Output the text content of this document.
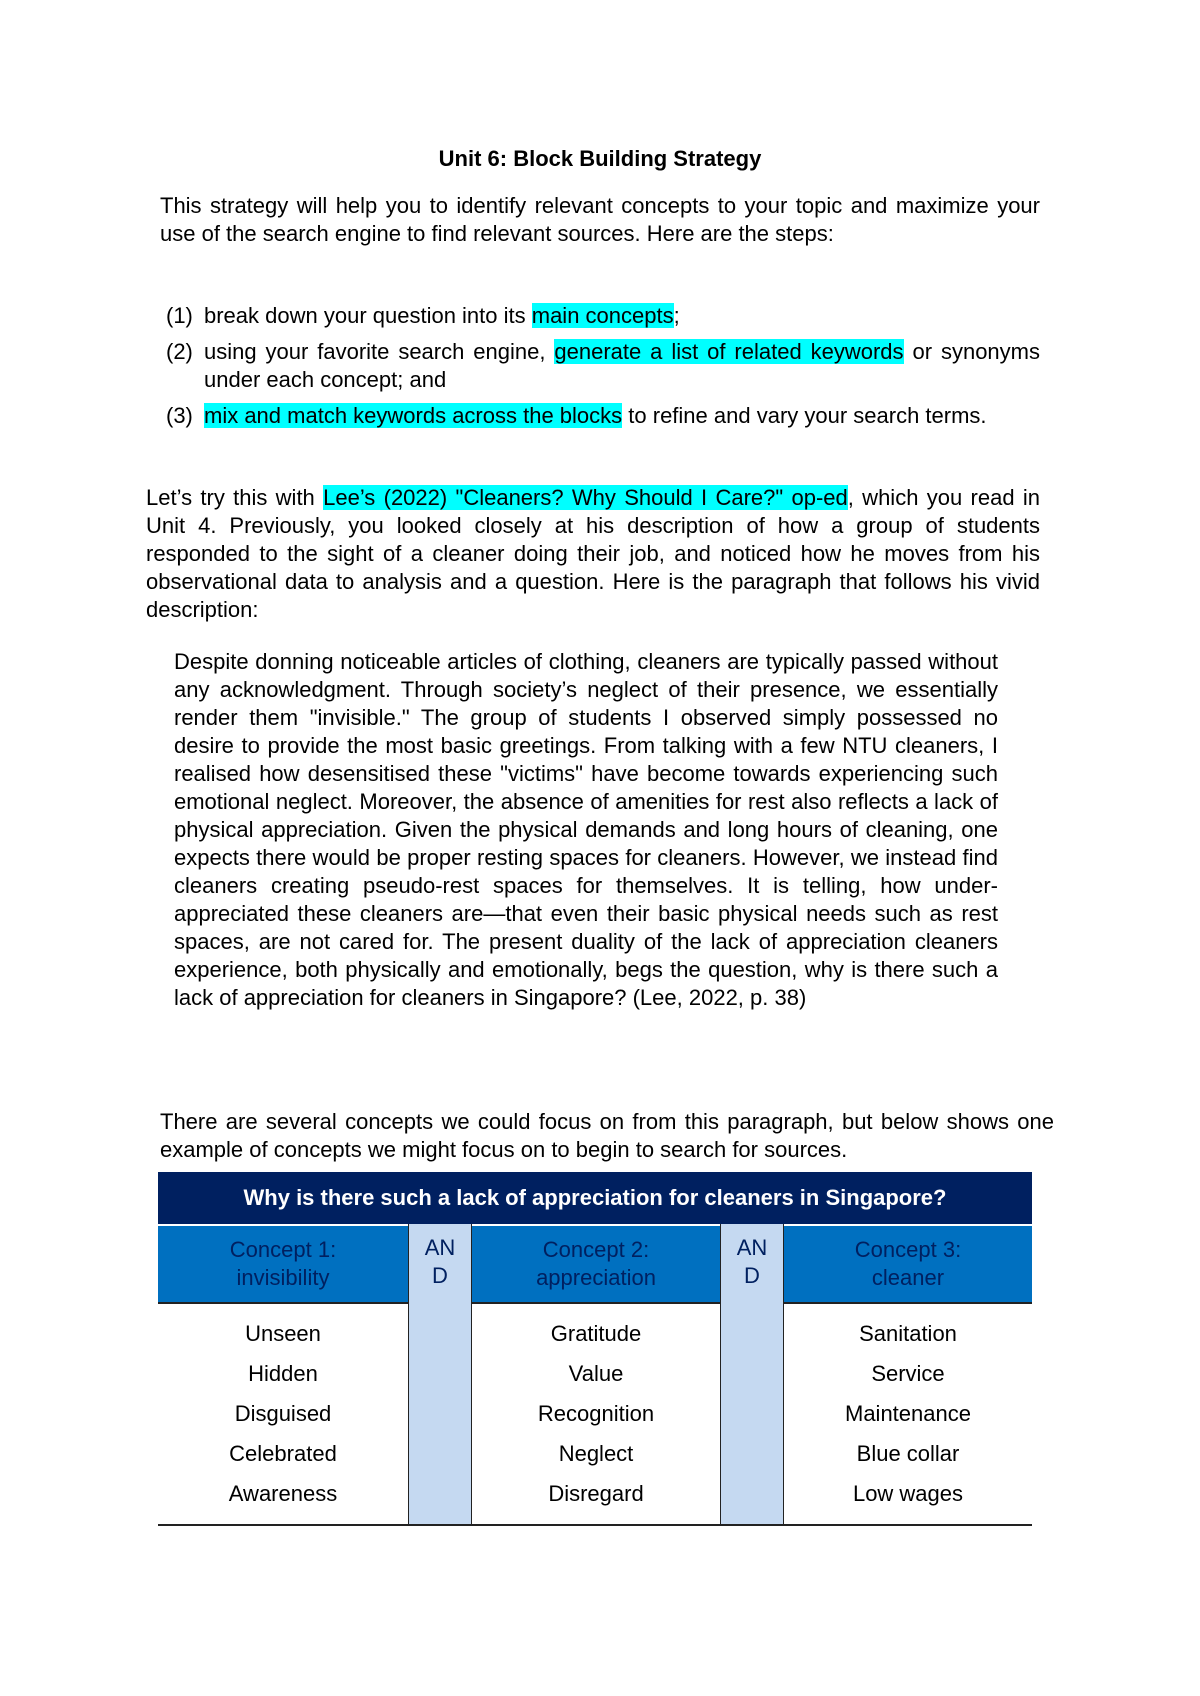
Unit 6: Block Building Strategy
This strategy will help you to identify relevant concepts to your topic and maximize your use of the search engine to find relevant sources. Here are the steps:
(1) break down your question into its main concepts;
(2) using your favorite search engine, generate a list of related keywords or synonyms under each concept; and
(3) mix and match keywords across the blocks to refine and vary your search terms.
Let’s try this with Lee’s (2022) "Cleaners? Why Should I Care?" op-ed, which you read in Unit 4. Previously, you looked closely at his description of how a group of students responded to the sight of a cleaner doing their job, and noticed how he moves from his observational data to analysis and a question. Here is the paragraph that follows his vivid description:
Despite donning noticeable articles of clothing, cleaners are typically passed without any acknowledgment. Through society’s neglect of their presence, we essentially render them "invisible." The group of students I observed simply possessed no desire to provide the most basic greetings. From talking with a few NTU cleaners, I realised how desensitised these "victims" have become towards experiencing such emotional neglect. Moreover, the absence of amenities for rest also reflects a lack of physical appreciation. Given the physical demands and long hours of cleaning, one expects there would be proper resting spaces for cleaners. However, we instead find cleaners creating pseudo-rest spaces for themselves. It is telling, how under-appreciated these cleaners are—that even their basic physical needs such as rest spaces, are not cared for. The present duality of the lack of appreciation cleaners experience, both physically and emotionally, begs the question, why is there such a lack of appreciation for cleaners in Singapore? (Lee, 2022, p. 38)
There are several concepts we could focus on from this paragraph, but below shows one example of concepts we might focus on to begin to search for sources.
Why is there such a lack of appreciation for cleaners in Singapore?
Concept 1:
invisibility
Concept 2:
appreciation
Concept 3:
cleaner
AN
D
AN
D
Unseen
Hidden
Disguised
Celebrated
Awareness
Gratitude
Value
Recognition
Neglect
Disregard
Sanitation
Service
Maintenance
Blue collar
Low wages
